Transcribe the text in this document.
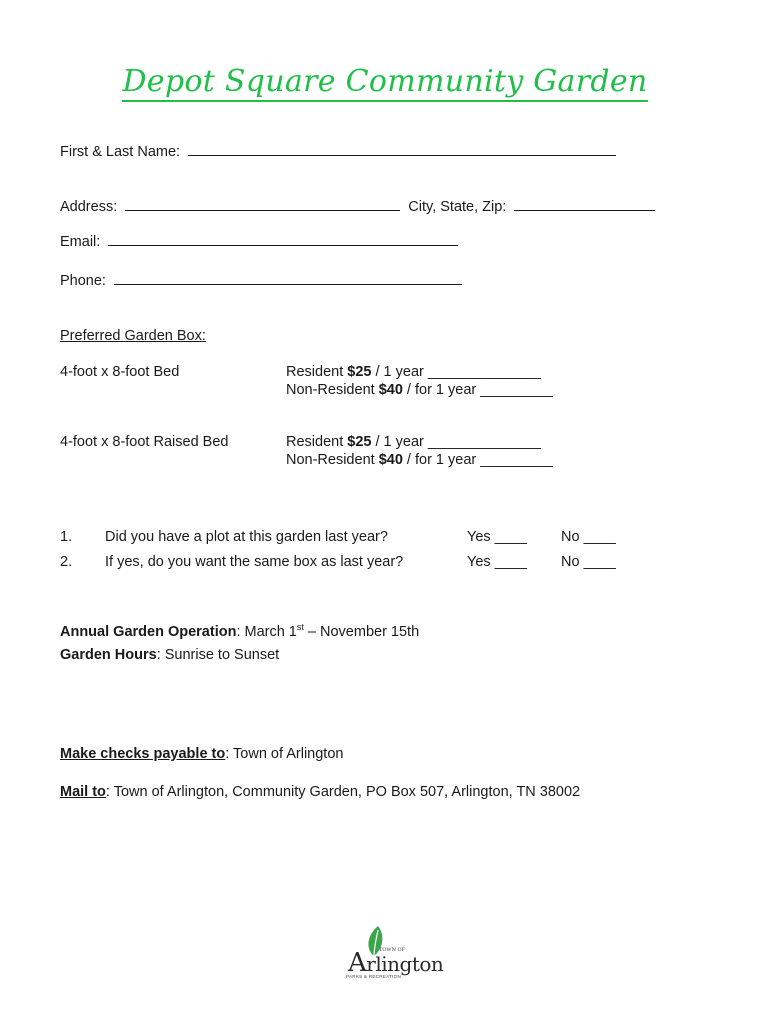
Depot Square Community Garden
First & Last Name:
Address:	City, State, Zip:
Email:
Phone:
Preferred Garden Box:
4-foot x 8-foot Bed	Resident $25 / 1 year ______________
Non-Resident $40 / for 1 year _________
4-foot x 8-foot Raised Bed	Resident $25 / 1 year ______________
Non-Resident $40 / for 1 year _________
1. Did you have a plot at this garden last year?	Yes ____ No ____
2. If yes, do you want the same box as last year?	Yes ____ No ____
Annual Garden Operation: March 1st – November 15th
Garden Hours: Sunrise to Sunset
Make checks payable to: Town of Arlington
Mail to: Town of Arlington, Community Garden, PO Box 507, Arlington, TN 38002
TOWN OF
Arlington
PARKS & RECREATION
